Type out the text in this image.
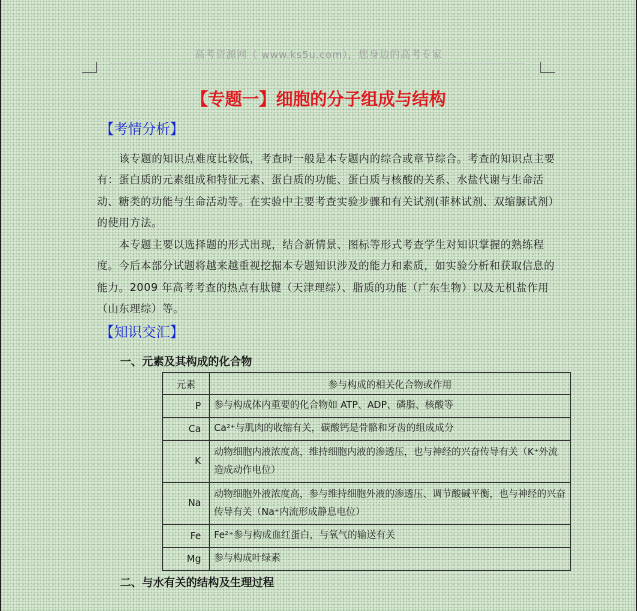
高考资源网（ www.ks5u.com），您身边的高考专家
【专题一】细胞的分子组成与结构
【考情分析】

该专题的知识点难度比较低，考查时一般是本专题内的综合或章节综合。考查的知识点主要有：蛋白质的元素组成和特征元素、蛋白质的功能、蛋白质与核酸的关系、水盐代谢与生命活动、糖类的功能与生命活动等。在实验中主要考查实验步骤和有关试剂(菲林试剂、双缩脲试剂）的使用方法。

本专题主要以选择题的形式出现，结合新情景、图标等形式考查学生对知识掌握的熟练程度。今后本部分试题将越来越重视挖掘本专题知识涉及的能力和素质，如实验分析和获取信息的能力。2009 年高考考查的热点有肽键（天津理综）、脂质的功能（广东生物）以及无机盐作用（山东理综）等。

【知识交汇】
一、元素及其构成的化合物
元素	参与构成的相关化合物或作用
P	参与构成体内重要的化合物如 ATP、ADP、磷脂、核酸等
Ca	Ca²⁺与肌肉的收缩有关，碳酸钙是骨骼和牙齿的组成成分
K	动物细胞内液浓度高，维持细胞内液的渗透压，也与神经的兴奋传导有关（K⁺外流造成动作电位）
Na	动物细胞外液浓度高，参与维持细胞外液的渗透压、调节酸碱平衡，也与神经的兴奋传导有关（Na⁺内流形成静息电位）
Fe	Fe²⁺参与构成血红蛋白，与氧气的输送有关
Mg	参与构成叶绿素
二、与水有关的结构及生理过程
